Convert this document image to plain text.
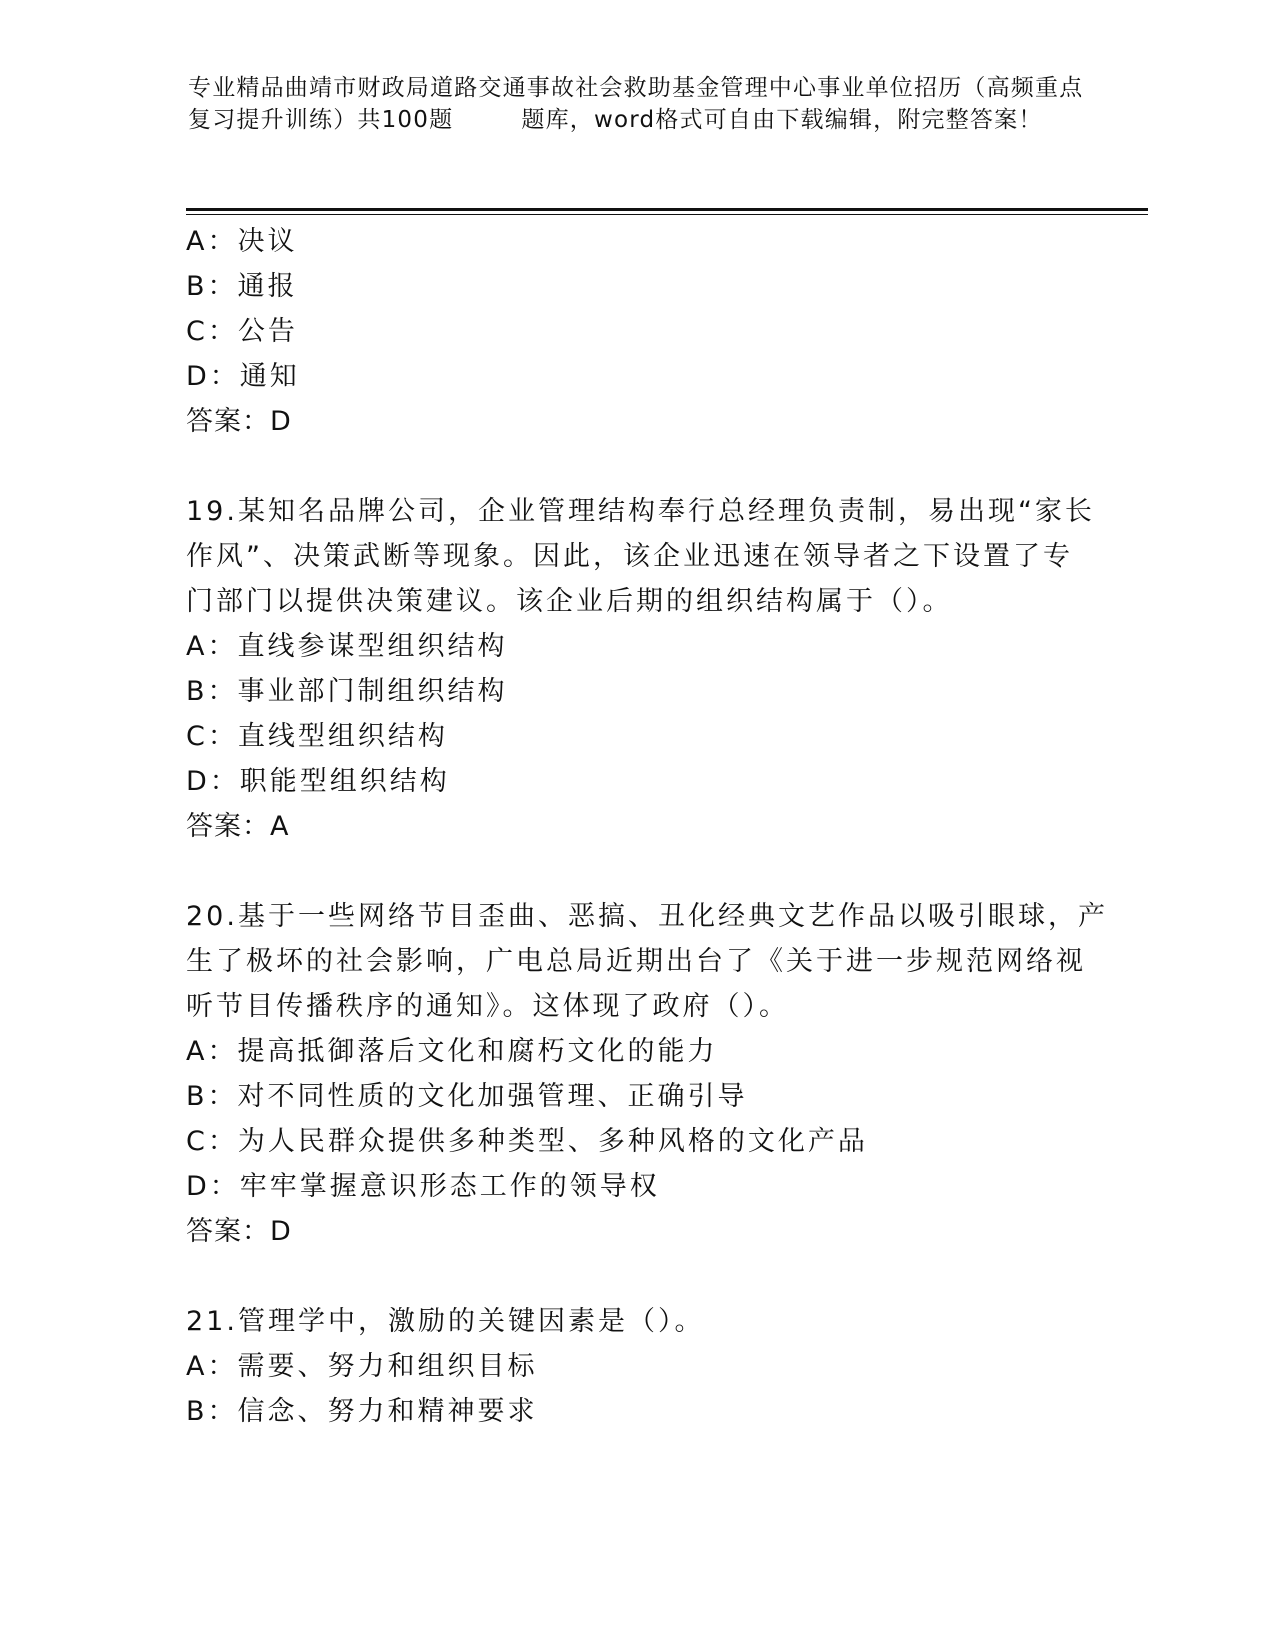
专业精品曲靖市财政局道路交通事故社会救助基金管理中心事业单位招历（高频重点复习提升训练）共100题        题库，word格式可自由下载编辑，附完整答案！
A：决议
B：通报
C：公告
D：通知
答案：D
19.某知名品牌公司，企业管理结构奉行总经理负责制，易出现“家长
作风”、决策武断等现象。因此，该企业迅速在领导者之下设置了专
门部门以提供决策建议。该企业后期的组织结构属于（）。
A：直线参谋型组织结构
B：事业部门制组织结构
C：直线型组织结构
D：职能型组织结构
答案：A
20.基于一些网络节目歪曲、恶搞、丑化经典文艺作品以吸引眼球，产
生了极坏的社会影响，广电总局近期出台了《关于进一步规范网络视
听节目传播秩序的通知》。这体现了政府（）。
A：提高抵御落后文化和腐朽文化的能力
B：对不同性质的文化加强管理、正确引导
C：为人民群众提供多种类型、多种风格的文化产品
D：牢牢掌握意识形态工作的领导权
答案：D
21.管理学中，激励的关键因素是（）。
A：需要、努力和组织目标
B：信念、努力和精神要求
